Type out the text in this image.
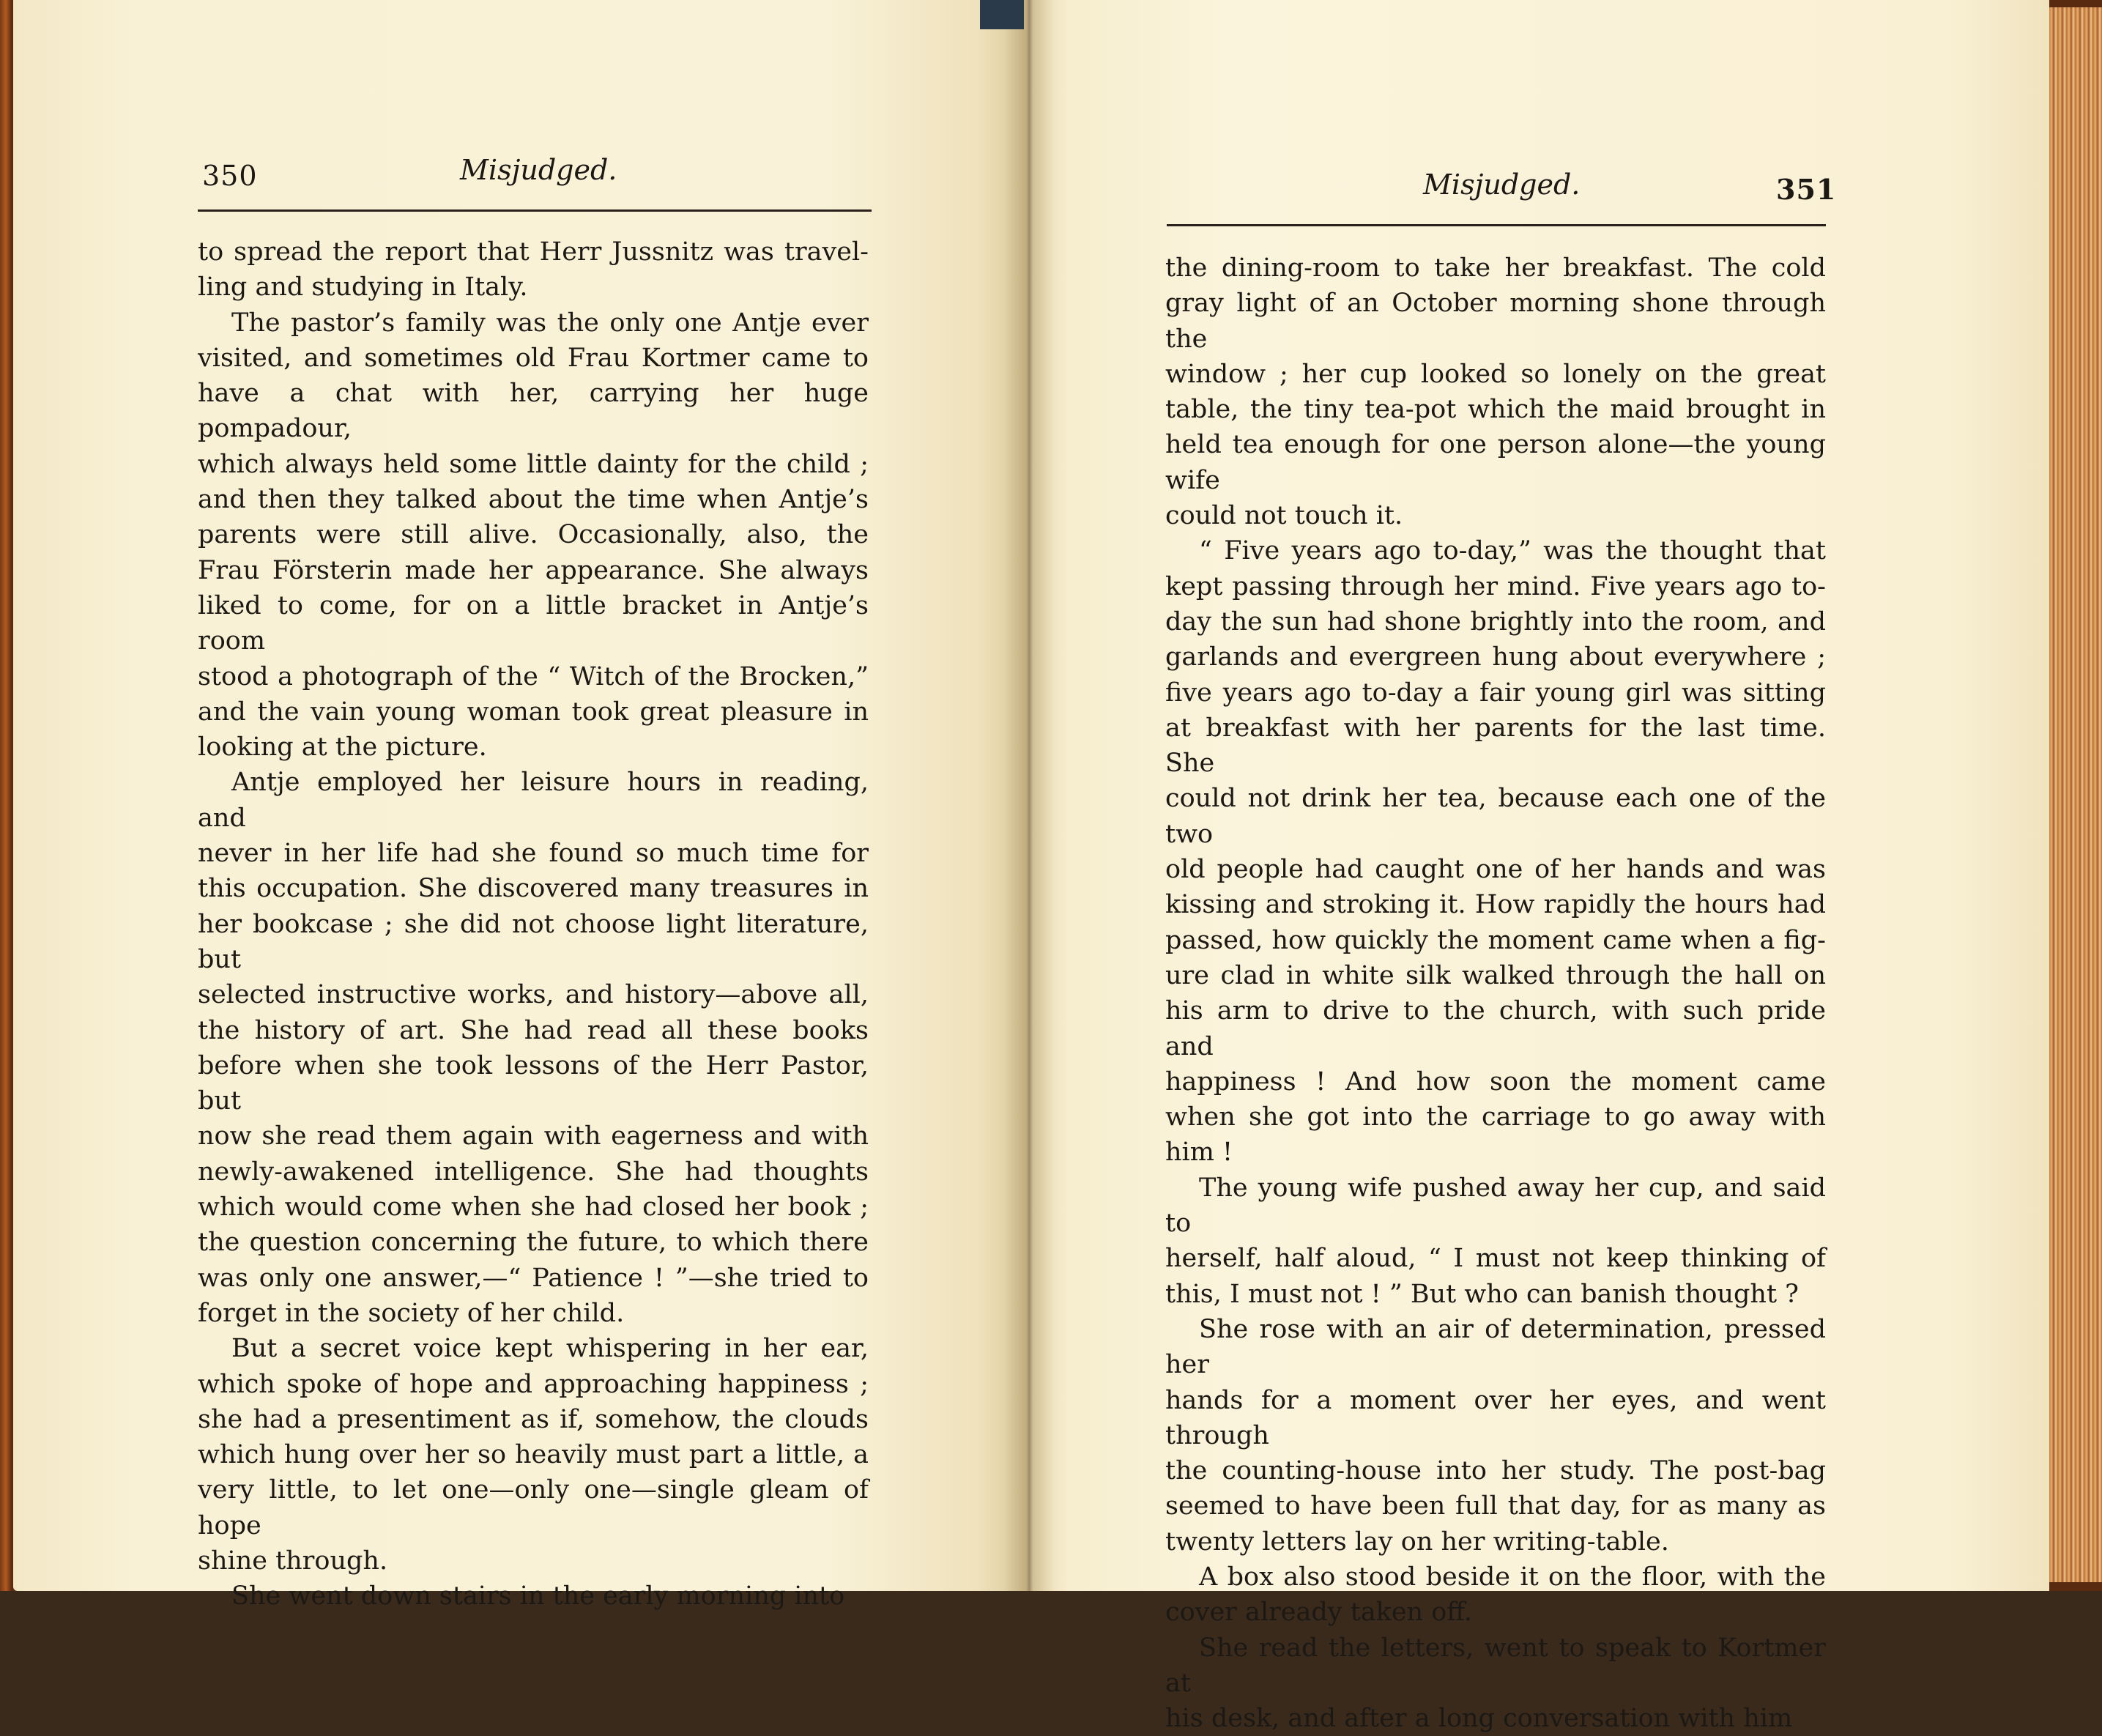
350	Misjudged.

to spread the report that Herr Jussnitz was travel-

ling and studying in Italy.

The pastor’s family was the only one Antje ever

visited, and sometimes old Frau Kortmer came to

have a chat with her, carrying her huge pompadour,

which always held some little dainty for the child ;

and then they talked about the time when Antje’s

parents were still alive. Occasionally, also, the

Frau Försterin made her appearance. She always

liked to come, for on a little bracket in Antje’s room

stood a photograph of the “ Witch of the Brocken,”

and the vain young woman took great pleasure in

looking at the picture.

Antje employed her leisure hours in reading, and

never in her life had she found so much time for

this occupation. She discovered many treasures in

her bookcase ; she did not choose light literature, but

selected instructive works, and history—above all,

the history of art. She had read all these books

before when she took lessons of the Herr Pastor, but

now she read them again with eagerness and with

newly-awakened intelligence. She had thoughts

which would come when she had closed her book ;

the question concerning the future, to which there

was only one answer,—“ Patience ! ”—she tried to

forget in the society of her child.

But a secret voice kept whispering in her ear,

which spoke of hope and approaching happiness ;

she had a presentiment as if, somehow, the clouds

which hung over her so heavily must part a little, a

very little, to let one—only one—single gleam of hope

shine through.

She went down stairs in the early morning into

Misjudged.	351

the dining-room to take her breakfast. The cold

gray light of an October morning shone through the

window ; her cup looked so lonely on the great

table, the tiny tea-pot which the maid brought in

held tea enough for one person alone—the young wife

could not touch it.

“ Five years ago to-day,” was the thought that

kept passing through her mind. Five years ago to-

day the sun had shone brightly into the room, and

garlands and evergreen hung about everywhere ;

five years ago to-day a fair young girl was sitting

at breakfast with her parents for the last time. She

could not drink her tea, because each one of the two

old people had caught one of her hands and was

kissing and stroking it. How rapidly the hours had

passed, how quickly the moment came when a fig-

ure clad in white silk walked through the hall on

his arm to drive to the church, with such pride and

happiness ! And how soon the moment came

when she got into the carriage to go away with

him !

The young wife pushed away her cup, and said to

herself, half aloud, “ I must not keep thinking of

this, I must not ! ” But who can banish thought ?

She rose with an air of determination, pressed her

hands for a moment over her eyes, and went through

the counting-house into her study. The post-bag

seemed to have been full that day, for as many as

twenty letters lay on her writing-table.

A box also stood beside it on the floor, with the

cover already taken off.

She read the letters, went to speak to Kortmer at

his desk, and after a long conversation with him
